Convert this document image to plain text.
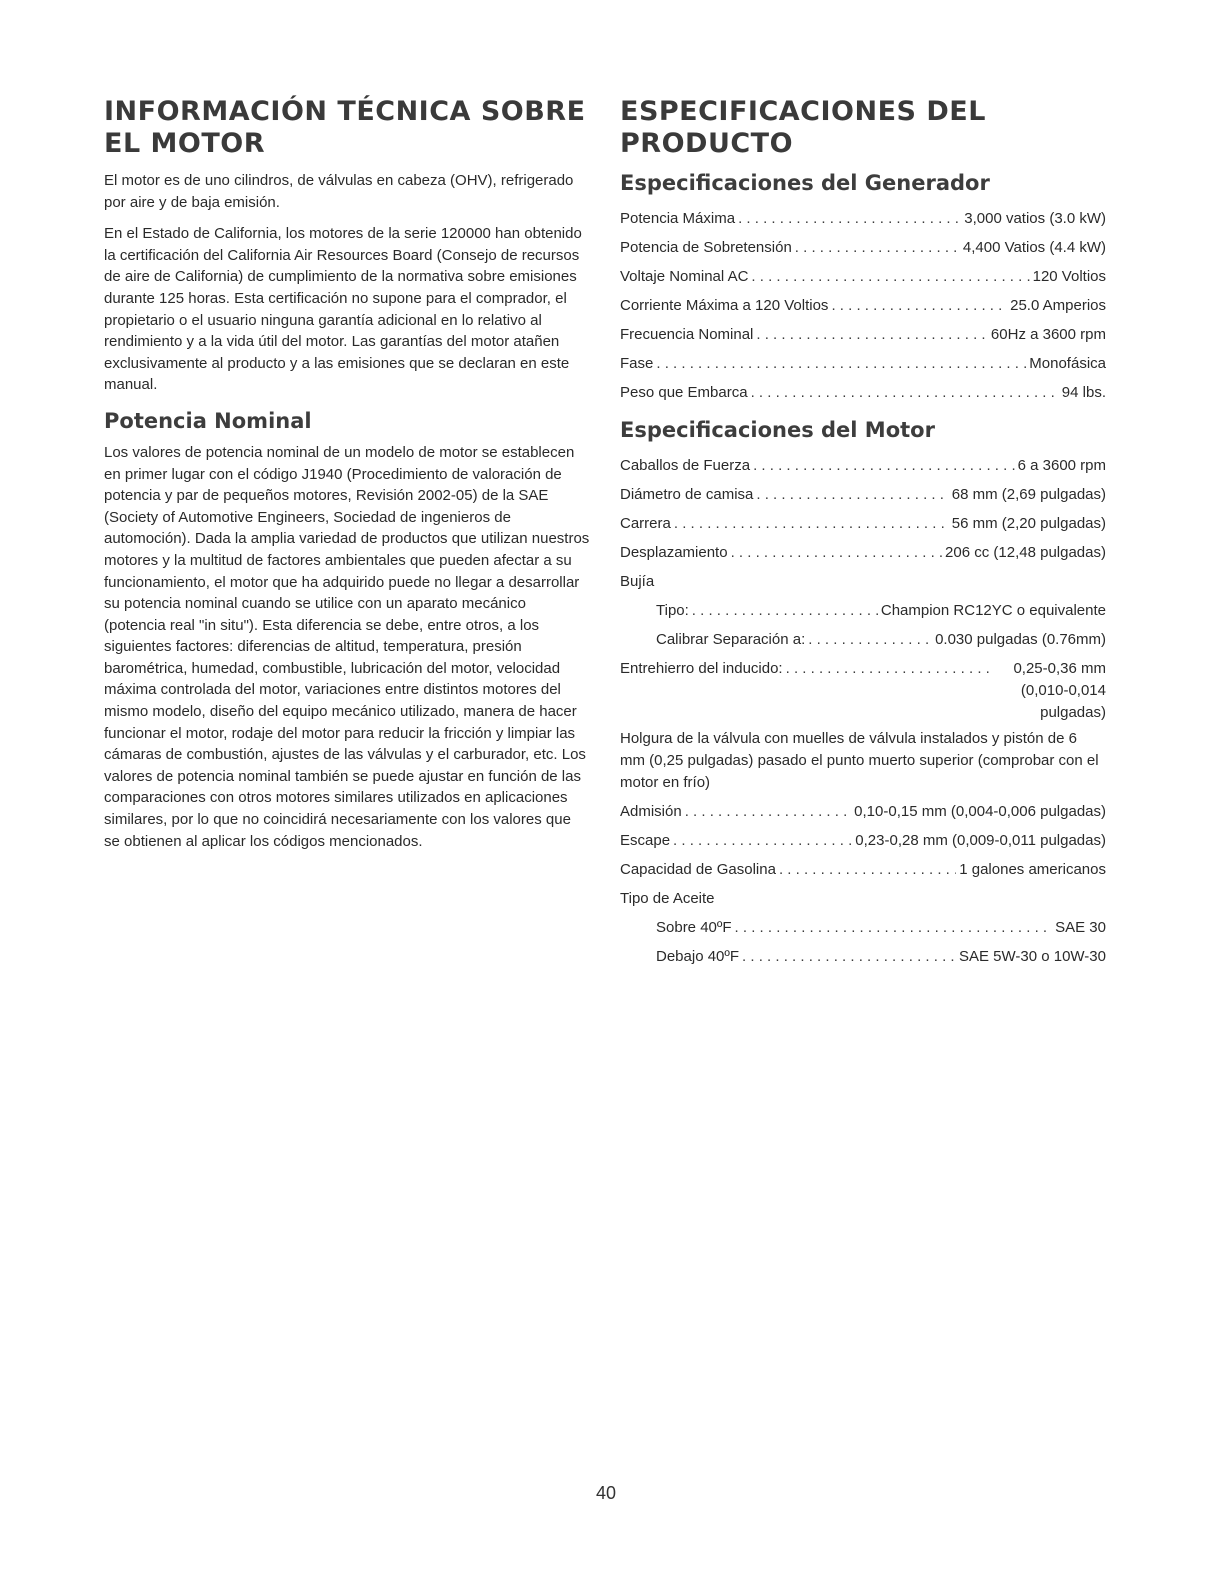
INFORMACIÓN TÉCNICA SOBRE EL MOTOR

El motor es de uno cilindros, de válvulas en cabeza (OHV), refrigerado por aire y de baja emisión.

En el Estado de California, los motores de la serie 120000 han obtenido la certificación del California Air Resources Board (Consejo de recursos de aire de California) de cumplimiento de la normativa sobre emisiones durante 125 horas. Esta certificación no supone para el comprador, el propietario o el usuario ninguna garantía adicional en lo relativo al rendimiento y a la vida útil del motor. Las garantías del motor atañen exclusivamente al producto y a las emisiones que se declaran en este manual.

Potencia Nominal

Los valores de potencia nominal de un modelo de motor se establecen en primer lugar con el código J1940 (Procedimiento de valoración de potencia y par de pequeños motores, Revisión 2002-05) de la SAE (Society of Automotive Engineers, Sociedad de ingenieros de automoción). Dada la amplia variedad de productos que utilizan nuestros motores y la multitud de factores ambientales que pueden afectar a su funcionamiento, el motor que ha adquirido puede no llegar a desarrollar su potencia nominal cuando se utilice con un aparato mecánico (potencia real "in situ"). Esta diferencia se debe, entre otros, a los siguientes factores: diferencias de altitud, temperatura, presión barométrica, humedad, combustible, lubricación del motor, velocidad máxima controlada del motor, variaciones entre distintos motores del mismo modelo, diseño del equipo mecánico utilizado, manera de hacer funcionar el motor, rodaje del motor para reducir la fricción y limpiar las cámaras de combustión, ajustes de las válvulas y el carburador, etc. Los valores de potencia nominal también se puede ajustar en función de las comparaciones con otros motores similares utilizados en aplicaciones similares, por lo que no coincidirá necesariamente con los valores que se obtienen al aplicar los códigos mencionados.

ESPECIFICACIONES DEL PRODUCTO
Especificaciones del Generador
Potencia Máxima . . .	3,000 vatios (3.0 kW)
Potencia de Sobretensión . . .	4,400 Vatios (4.4 kW)
Voltaje Nominal AC . . .	120 Voltios
Corriente Máxima a 120 Voltios . . .	25.0 Amperios
Frecuencia Nominal . . .	60Hz a 3600 rpm
Fase . . .	Monofásica
Peso que Embarca . . .	94 lbs.
Especificaciones del Motor
Caballos de Fuerza . . .	6 a 3600 rpm
Diámetro de camisa . . .	68 mm (2,69 pulgadas)
Carrera . . .	56 mm (2,20 pulgadas)
Desplazamiento . . .	206 cc (12,48 pulgadas)
Bujía
Tipo: . . .	Champion RC12YC o equivalente
Calibrar Separación a: . . .	0.030 pulgadas (0.76mm)
Entrehierro del inducido: . . .	0,25-0,36 mm (0,010-0,014 pulgadas)
Holgura de la válvula con muelles de válvula instalados y pistón de 6 mm (0,25 pulgadas) pasado el punto muerto superior (comprobar con el motor en frío)
Admisión . . .	0,10-0,15 mm (0,004-0,006 pulgadas)
Escape . . .	0,23-0,28 mm (0,009-0,011 pulgadas)
Capacidad de Gasolina . . .	1 galones americanos
Tipo de Aceite
Sobre 40ºF . . .	SAE 30
Debajo 40ºF . . .	SAE 5W-30 o 10W-30
40
